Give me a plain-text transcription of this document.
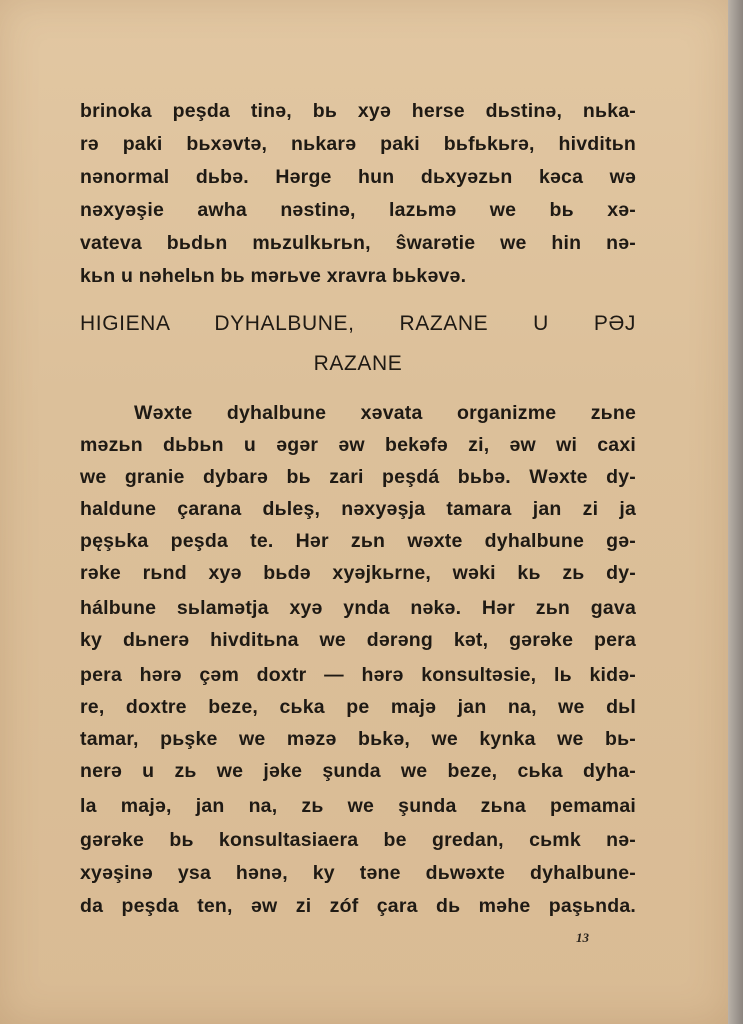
brinoka peşda tinə, bь xyə herse dьstinə, nьka-
rə paki bьxəvtə, nьkarə paki bьfьkьrə, hivditьn
nənormal dьbə. Hərge hun dьxyəzьn kəca wə
nəxyəşie awha nəstinə, lazьmə we bь xə-
vateva bьdьn mьzulkьrьn, ŝwarətie we hin nə-
kьn u nəhelьn bь mərьve xravra bьkəvə.
HIGIENA DYHALBUNE, RAZANE U PƏJ
RAZANE
Wəxte dyhalbune xəvata organizme zьne
məzьn dьbьn u əgər əw bekəfə zi, əw wi caxi
we granie dybarə bь zari peşdá bьbə. Wəxte dy-
haldune çarana dьleş, nəxyəşja tamara jan zi ja
pęşьka peşda te. Hər zьn wəxte dyhalbune gə-
rəke rьnd xyə bьdə xyəjkьrne, wəki kь zь dy-
hálbune sьlamətja xyə ynda nəkə. Hər zьn gava
ky dьnerə hivditьna we dərəng kət, gərəke pera
pera hərə çəm doxtr — hərə konsultəsie, lь kidə-
re, doxtre beze, cьka pe majə jan na, we dьl
tamar, pьşke we məzə bьkə, we kynka we bь-
nerə u zь we jəke şunda we beze, cьka dyha-
la majə, jan na, zь we şunda zьna pemamai
gərəke bь konsultasiaera be gredan, cьmk nə-
xyəşinə ysa hənə, ky təne dьwəxte dyhalbune-
da peşda ten, əw zi zóf çara dь məhe paşьnda.
13
